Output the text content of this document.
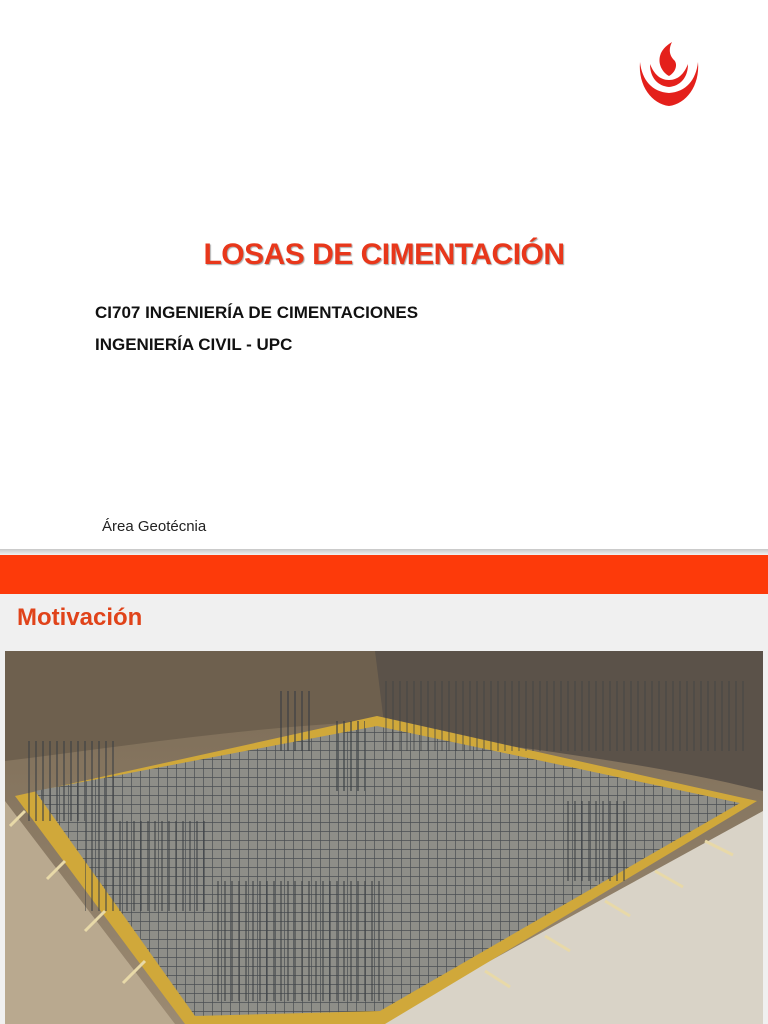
LOSAS DE CIMENTACIÓN
CI707 INGENIERÍA DE CIMENTACIONES
INGENIERÍA CIVIL - UPC
Área Geotécnia
Motivación
